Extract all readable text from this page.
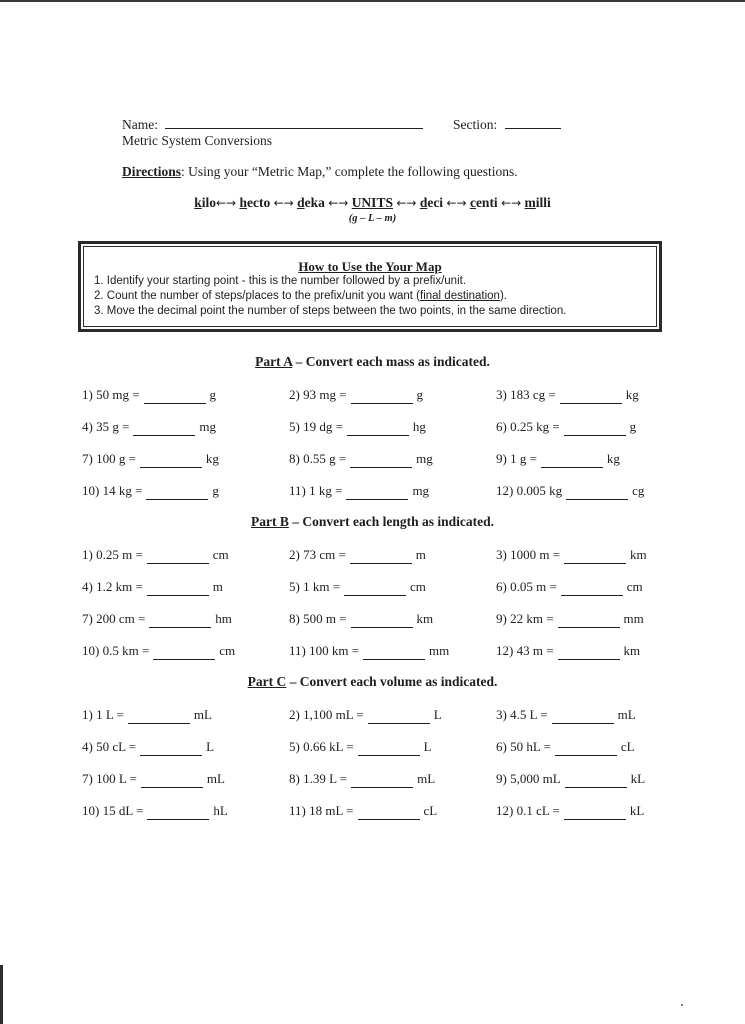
Name:	Section:
Metric System Conversions
Directions: Using your “Metric Map,” complete the following questions.
kilo←→ hecto ←→ deka ←→ UNITS ←→ deci ←→ centi ←→ milli
(g – L – m)
How to Use the Your Map
1. Identify your starting point - this is the number followed by a prefix/unit.
2. Count the number of steps/places to the prefix/unit you want (final destination).
3. Move the decimal point the number of steps between the two points, in the same direction.
Part A – Convert each mass as indicated.
Part B – Convert each length as indicated.
Part C – Convert each volume as indicated.
1) 50 mg =	g	2) 93 mg =	g	3) 183 cg =	kg
4) 35 g =	mg	5) 19 dg =	hg	6) 0.25 kg =	g
7) 100 g =	kg	8) 0.55 g =	mg	9) 1 g =	kg
10) 14 kg =	g	11) 1 kg =	mg	12) 0.005 kg	cg
1) 0.25 m =	cm	2) 73 cm =	m	3) 1000 m =	km
4) 1.2 km =	m	5) 1 km =	cm	6) 0.05 m =	cm
7) 200 cm =	hm	8) 500 m =	km	9) 22 km =	mm
10) 0.5 km =	cm	11) 100 km =	mm	12) 43 m =	km
1) 1 L =	mL	2) 1,100 mL =	L	3) 4.5 L =	mL
4) 50 cL =	L	5) 0.66 kL =	L	6) 50 hL =	cL
7) 100 L =	mL	8) 1.39 L =	mL	9) 5,000 mL	kL
10) 15 dL =	hL	11) 18 mL =	cL	12) 0.1 cL =	kL
